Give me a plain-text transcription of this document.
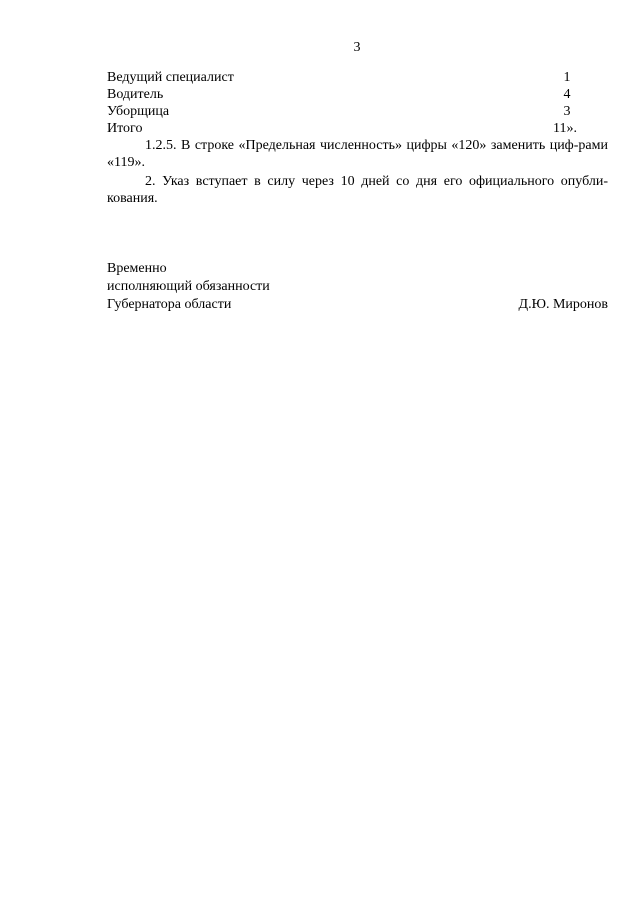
3
Ведущий специалист	1
Водитель	4
Уборщица	3
Итого	11».
1.2.5. В строке «Предельная численность» цифры «120» заменить циф-рами «119».
2. Указ вступает в силу через 10 дней со дня его официального опубли-кования.
Временно
исполняющий обязанности
Губернатора области	Д.Ю. Миронов
